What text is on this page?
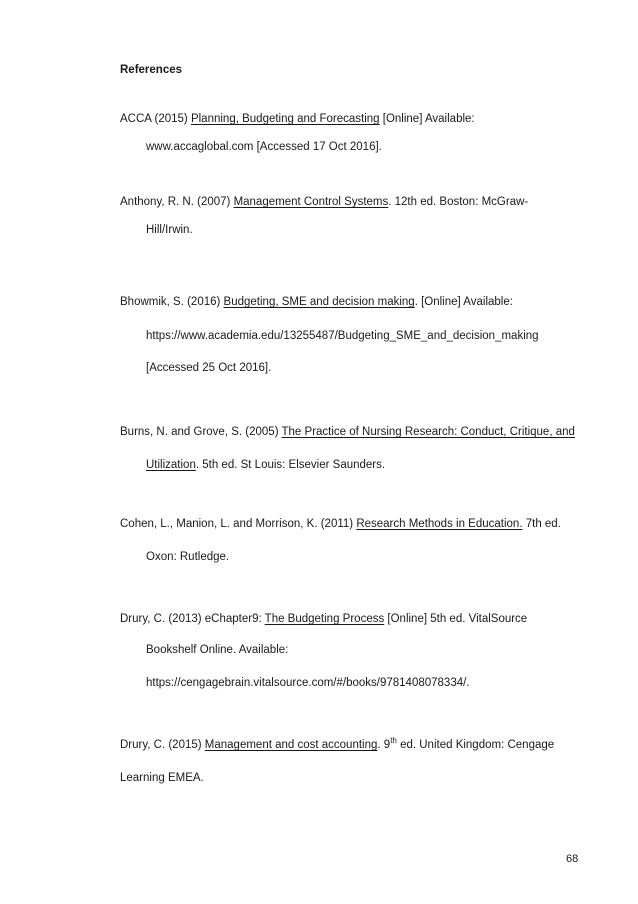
References

ACCA (2015) Planning, Budgeting and Forecasting [Online] Available:
www.accaglobal.com [Accessed 17 Oct 2016].
Anthony, R. N. (2007) Management Control Systems. 12th ed. Boston: McGraw-
Hill/Irwin.
Bhowmik, S. (2016) Budgeting, SME and decision making. [Online] Available:
https://www.academia.edu/13255487/Budgeting_SME_and_decision_making
[Accessed 25 Oct 2016].
Burns, N. and Grove, S. (2005) The Practice of Nursing Research: Conduct, Critique, and
Utilization. 5th ed. St Louis: Elsevier Saunders.
Cohen, L., Manion, L. and Morrison, K. (2011) Research Methods in Education. 7th ed.
Oxon: Rutledge.
Drury, C. (2013) eChapter9: The Budgeting Process [Online] 5th ed. VitalSource
Bookshelf Online. Available:
https://cengagebrain.vitalsource.com/#/books/9781408078334/.
Drury, C. (2015) Management and cost accounting. 9th ed. United Kingdom: Cengage
Learning EMEA.
68
